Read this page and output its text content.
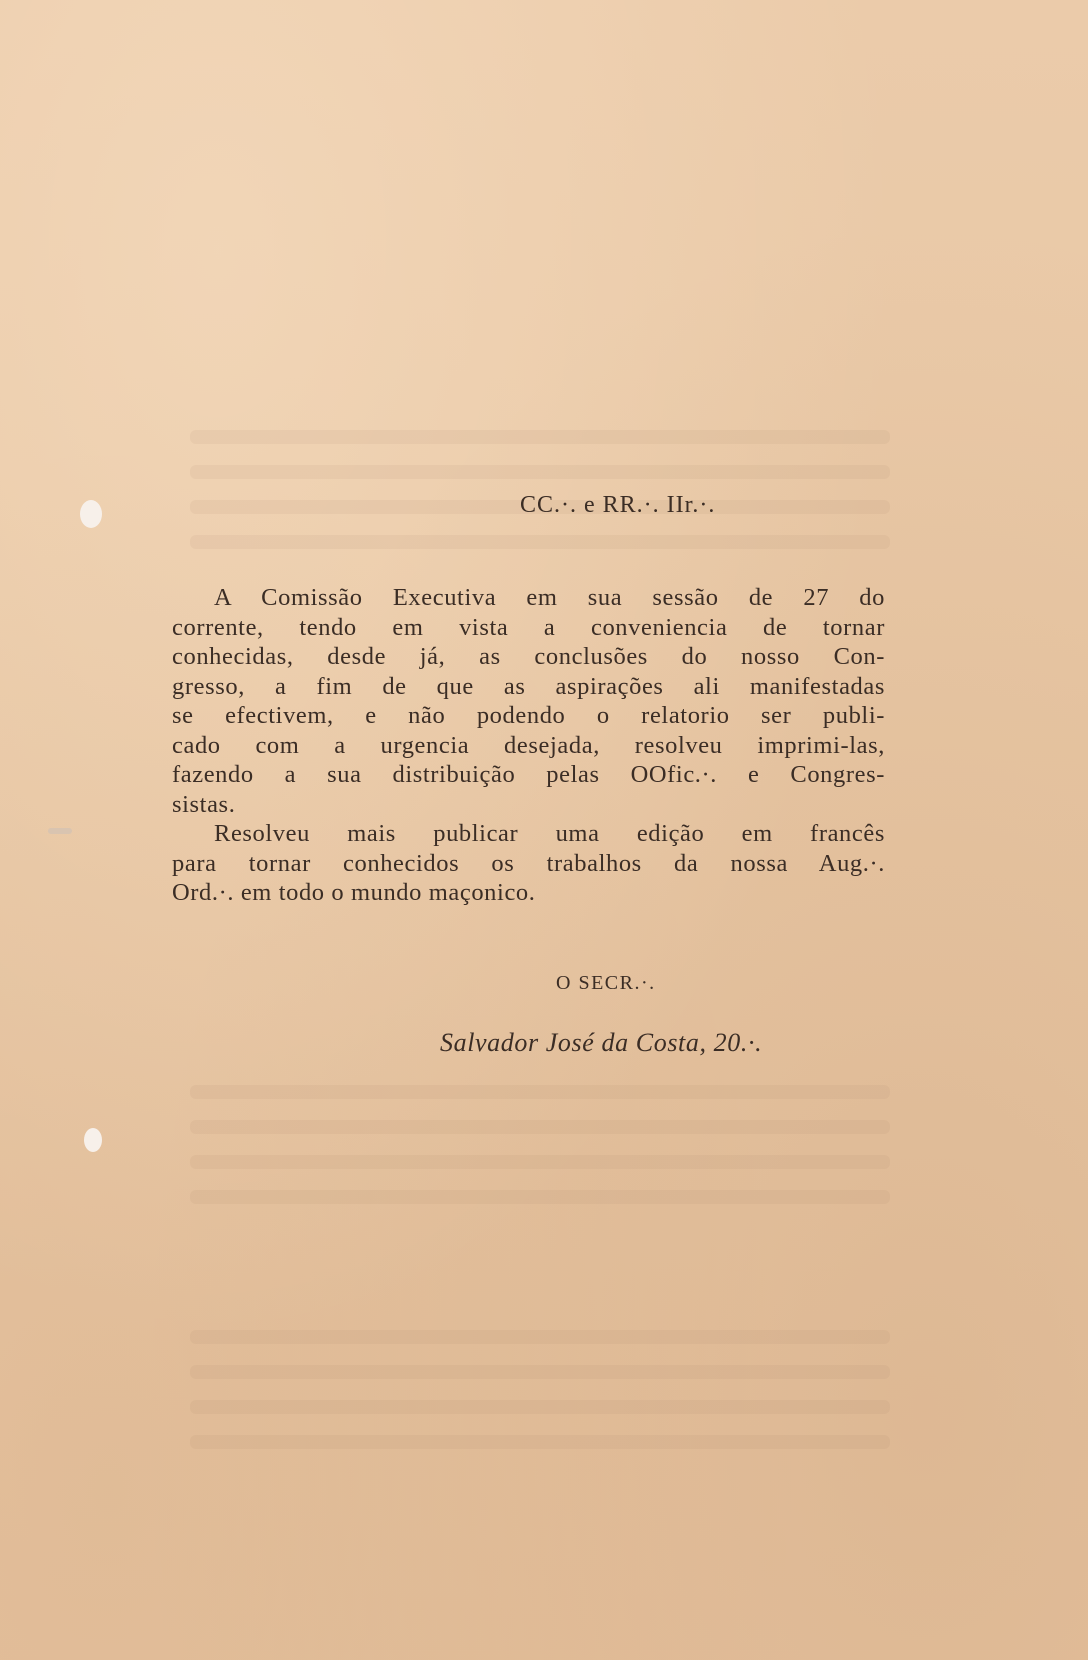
CC.·. e RR.·. IIr.·.
A Comissão Executiva em sua sessão de 27 do
corrente, tendo em vista a conveniencia de tornar
conhecidas, desde já, as conclusões do nosso Con-
gresso, a fim de que as aspirações ali manifestadas
se efectivem, e não podendo o relatorio ser publi-
cado com a urgencia desejada, resolveu imprimi-las,
fazendo a sua distribuição pelas OOfic.·. e Congres-
sistas.
Resolveu mais publicar uma edição em francês
para tornar conhecidos os trabalhos da nossa Aug.·.
Ord.·. em todo o mundo maçonico.
O SECR.·.
Salvador José da Costa, 20.·.
